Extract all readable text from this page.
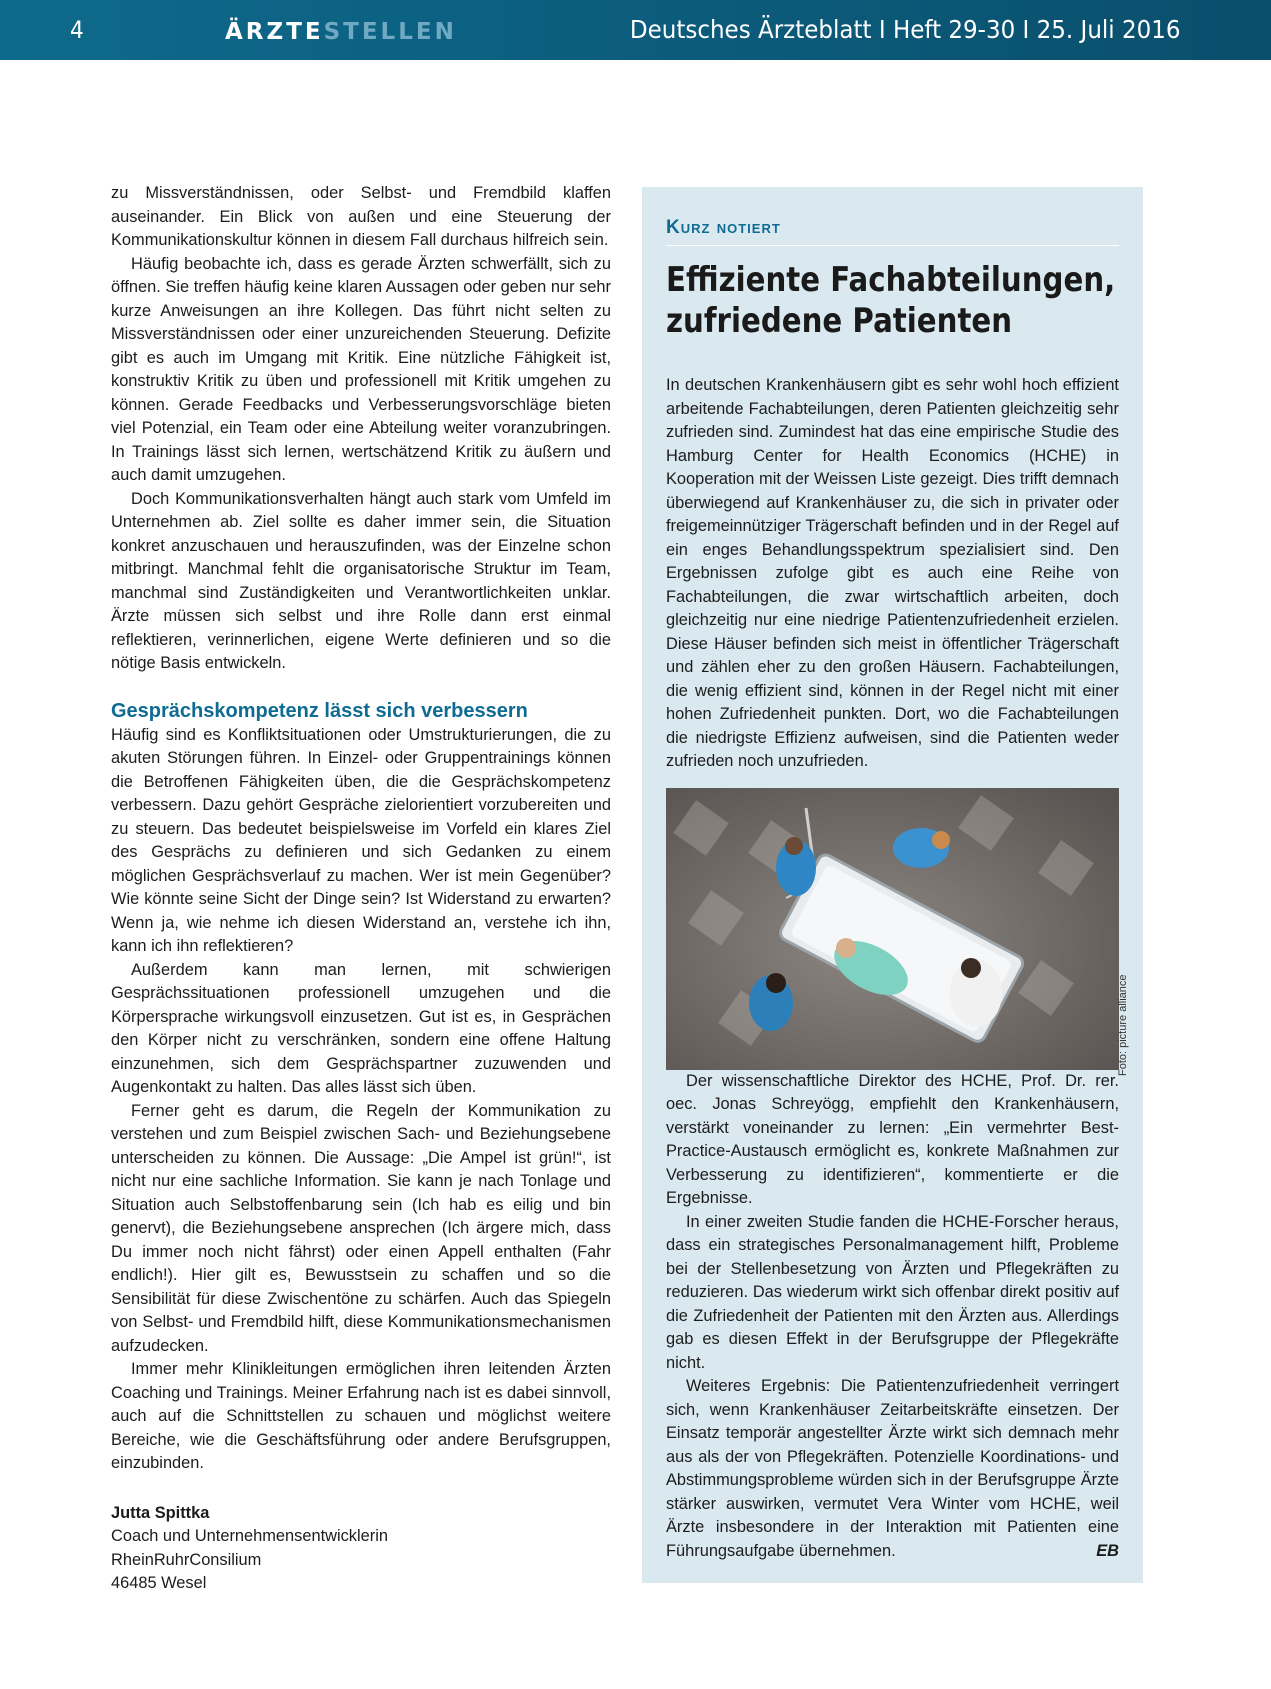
4	ÄRZTESTELLEN	Deutsches Ärzteblatt I Heft 29-30 I 25. Juli 2016

zu Missverständnissen, oder Selbst- und Fremdbild klaffen auseinander. Ein Blick von außen und eine Steuerung der Kommunikationskultur können in diesem Fall durchaus hilfreich sein.

Häufig beobachte ich, dass es gerade Ärzten schwerfällt, sich zu öffnen. Sie treffen häufig keine klaren Aussagen oder geben nur sehr kurze Anweisungen an ihre Kollegen. Das führt nicht selten zu Missverständnissen oder einer unzureichenden Steuerung. Defizite gibt es auch im Umgang mit Kritik. Eine nützliche Fähigkeit ist, konstruktiv Kritik zu üben und professionell mit Kritik umgehen zu können. Gerade Feedbacks und Verbesserungsvorschläge bieten viel Potenzial, ein Team oder eine Abteilung weiter voranzubringen. In Trainings lässt sich lernen, wertschätzend Kritik zu äußern und auch damit umzugehen.

Doch Kommunikationsverhalten hängt auch stark vom Umfeld im Unternehmen ab. Ziel sollte es daher immer sein, die Situation konkret anzuschauen und herauszufinden, was der Einzelne schon mitbringt. Manchmal fehlt die organisatorische Struktur im Team, manchmal sind Zuständigkeiten und Verantwortlichkeiten unklar. Ärzte müssen sich selbst und ihre Rolle dann erst einmal reflektieren, verinnerlichen, eigene Werte definieren und so die nötige Basis entwickeln.

Gesprächskompetenz lässt sich verbessern

Häufig sind es Konfliktsituationen oder Umstrukturierungen, die zu akuten Störungen führen. In Einzel- oder Gruppentrainings können die Betroffenen Fähigkeiten üben, die die Gesprächskompetenz verbessern. Dazu gehört Gespräche zielorientiert vorzubereiten und zu steuern. Das bedeutet beispielsweise im Vorfeld ein klares Ziel des Gesprächs zu definieren und sich Gedanken zu einem möglichen Gesprächsverlauf zu machen. Wer ist mein Gegenüber? Wie könnte seine Sicht der Dinge sein? Ist Widerstand zu erwarten? Wenn ja, wie nehme ich diesen Widerstand an, verstehe ich ihn, kann ich ihn reflektieren?

Außerdem kann man lernen, mit schwierigen Gesprächssituationen professionell umzugehen und die Körpersprache wirkungsvoll einzusetzen. Gut ist es, in Gesprächen den Körper nicht zu verschränken, sondern eine offene Haltung einzunehmen, sich dem Gesprächspartner zuzuwenden und Augenkontakt zu halten. Das alles lässt sich üben.

Ferner geht es darum, die Regeln der Kommunikation zu verstehen und zum Beispiel zwischen Sach- und Beziehungsebene unterscheiden zu können. Die Aussage: „Die Ampel ist grün!“, ist nicht nur eine sachliche Information. Sie kann je nach Tonlage und Situation auch Selbstoffenbarung sein (Ich hab es eilig und bin genervt), die Beziehungsebene ansprechen (Ich ärgere mich, dass Du immer noch nicht fährst) oder einen Appell enthalten (Fahr endlich!). Hier gilt es, Bewusstsein zu schaffen und so die Sensibilität für diese Zwischentöne zu schärfen. Auch das Spiegeln von Selbst- und Fremdbild hilft, diese Kommunikationsmechanismen aufzudecken.

Immer mehr Klinikleitungen ermöglichen ihren leitenden Ärzten Coaching und Trainings. Meiner Erfahrung nach ist es dabei sinnvoll, auch auf die Schnittstellen zu schauen und möglichst weitere Bereiche, wie die Geschäftsführung oder andere Berufsgruppen, einzubinden.

Jutta Spittka
Coach und Unternehmensentwicklerin
RheinRuhrConsilium
46485 Wesel
Kurz notiert
Effiziente Fachabteilungen,
zufriedene Patienten

In deutschen Krankenhäusern gibt es sehr wohl hoch effizient arbeitende Fachabteilungen, deren Patienten gleichzeitig sehr zufrieden sind. Zumindest hat das eine empirische Studie des Hamburg Center for Health Economics (HCHE) in Kooperation mit der Weissen Liste gezeigt. Dies trifft demnach überwiegend auf Krankenhäuser zu, die sich in privater oder freigemeinnütziger Trägerschaft befinden und in der Regel auf ein enges Behandlungsspektrum spezialisiert sind. Den Ergebnissen zufolge gibt es auch eine Reihe von Fachabteilungen, die zwar wirtschaftlich arbeiten, doch gleichzeitig nur eine niedrige Patientenzufriedenheit erzielen. Diese Häuser befinden sich meist in öffentlicher Trägerschaft und zählen eher zu den großen Häusern. Fachabteilungen, die wenig effizient sind, können in der Regel nicht mit einer hohen Zufriedenheit punkten. Dort, wo die Fachabteilungen die niedrigste Effizienz aufweisen, sind die Patienten weder zufrieden noch unzufrieden.

Der wissenschaftliche Direktor des HCHE, Prof. Dr. rer. oec. Jonas Schreyögg, empfiehlt den Krankenhäusern, verstärkt voneinander zu lernen: „Ein vermehrter Best-Practice-Austausch ermöglicht es, konkrete Maßnahmen zur Verbesserung zu identifizieren“, kommentierte er die Ergebnisse.

In einer zweiten Studie fanden die HCHE-Forscher heraus, dass ein strategisches Personalmanagement hilft, Probleme bei der Stellenbesetzung von Ärzten und Pflegekräften zu reduzieren. Das wiederum wirkt sich offenbar direkt positiv auf die Zufriedenheit der Patienten mit den Ärzten aus. Allerdings gab es diesen Effekt in der Berufsgruppe der Pflegekräfte nicht.

Weiteres Ergebnis: Die Patientenzufriedenheit verringert sich, wenn Krankenhäuser Zeitarbeitskräfte einsetzen. Der Einsatz temporär angestellter Ärzte wirkt sich demnach mehr aus als der von Pflegekräften. Potenzielle Koordinations- und Abstimmungsprobleme würden sich in der Berufsgruppe Ärzte stärker auswirken, vermutet Vera Winter vom HCHE, weil Ärzte insbesondere in der Interaktion mit Patienten eine Führungsaufgabe übernehmen.	EB

Foto: picture alliance
